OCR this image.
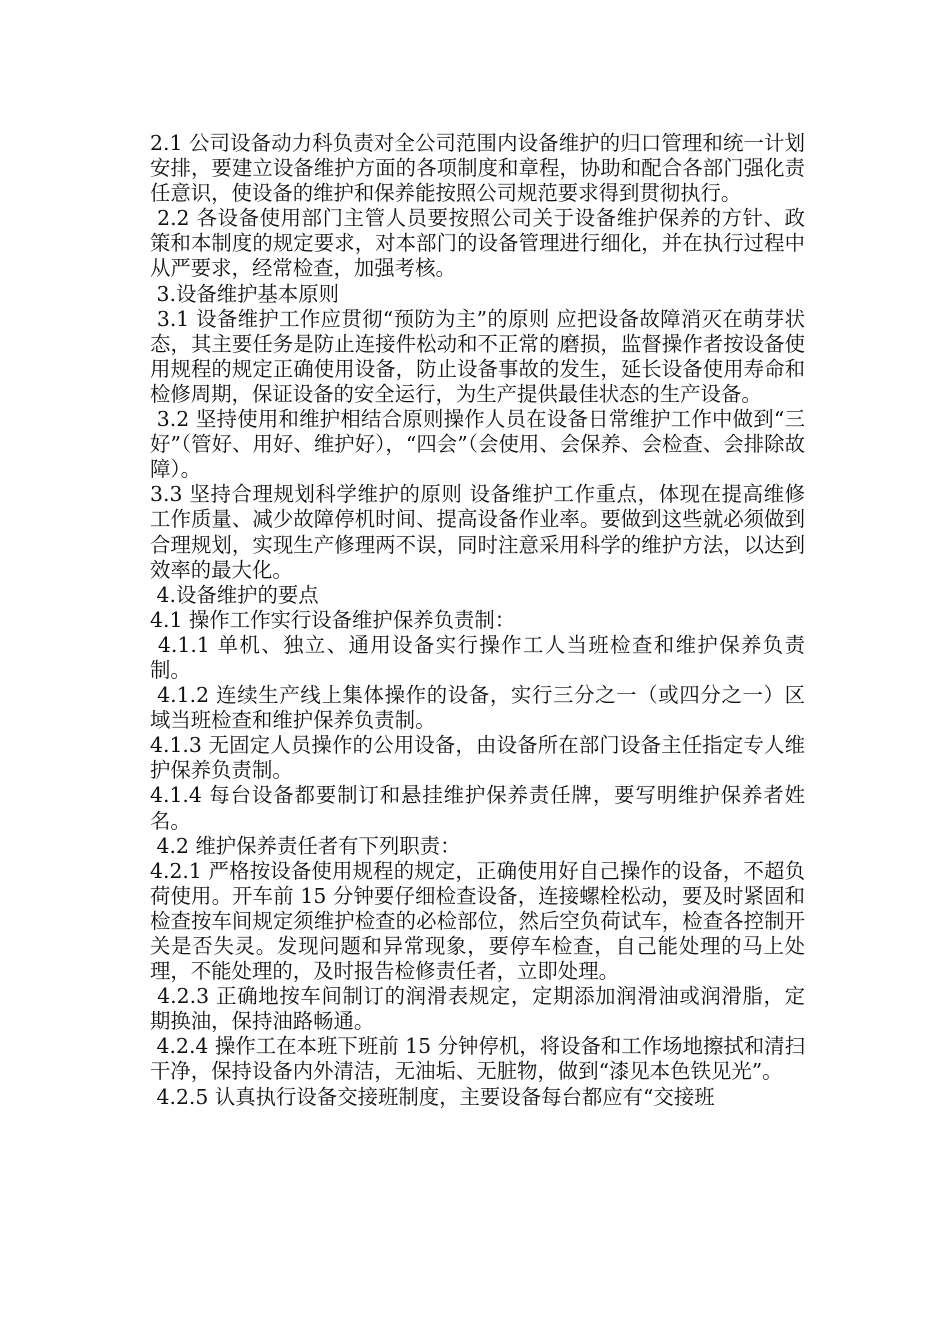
2.1 公司设备动力科负责对全公司范围内设备维护的归口管理和统一计划安排，要建立设备维护方面的各项制度和章程，协助和配合各部门强化责任意识，使设备的维护和保养能按照公司规范要求得到贯彻执行。

2.2 各设备使用部门主管人员要按照公司关于设备维护保养的方针、政策和本制度的规定要求，对本部门的设备管理进行细化，并在执行过程中从严要求，经常检查，加强考核。

3.设备维护基本原则

3.1 设备维护工作应贯彻“预防为主”的原则 应把设备故障消灭在萌芽状态，其主要任务是防止连接件松动和不正常的磨损，监督操作者按设备使用规程的规定正确使用设备，防止设备事故的发生，延长设备使用寿命和检修周期，保证设备的安全运行，为生产提供最佳状态的生产设备。

3.2 坚持使用和维护相结合原则操作人员在设备日常维护工作中做到“三好”（管好、用好、维护好），“四会”（会使用、会保养、会检查、会排除故障）。

3.3 坚持合理规划科学维护的原则 设备维护工作重点，体现在提高维修工作质量、减少故障停机时间、提高设备作业率。要做到这些就必须做到合理规划，实现生产修理两不误，同时注意采用科学的维护方法，以达到效率的最大化。

4.设备维护的要点

4.1 操作工作实行设备维护保养负责制：

4.1.1 单机、独立、通用设备实行操作工人当班检查和维护保养负责制。

4.1.2 连续生产线上集体操作的设备，实行三分之一（或四分之一）区域当班检查和维护保养负责制。

4.1.3 无固定人员操作的公用设备，由设备所在部门设备主任指定专人维护保养负责制。

4.1.4 每台设备都要制订和悬挂维护保养责任牌，要写明维护保养者姓名。

4.2 维护保养责任者有下列职责：

4.2.1 严格按设备使用规程的规定，正确使用好自己操作的设备，不超负荷使用。开车前 15 分钟要仔细检查设备，连接螺栓松动，要及时紧固和检查按车间规定须维护检查的必检部位，然后空负荷试车，检查各控制开关是否失灵。发现问题和异常现象，要停车检查，自己能处理的马上处理，不能处理的，及时报告检修责任者，立即处理。

4.2.3 正确地按车间制订的润滑表规定，定期添加润滑油或润滑脂，定期换油，保持油路畅通。

4.2.4 操作工在本班下班前 15 分钟停机，将设备和工作场地擦拭和清扫干净，保持设备内外清洁，无油垢、无脏物，做到“漆见本色铁见光”。

4.2.5 认真执行设备交接班制度，主要设备每台都应有“交接班
